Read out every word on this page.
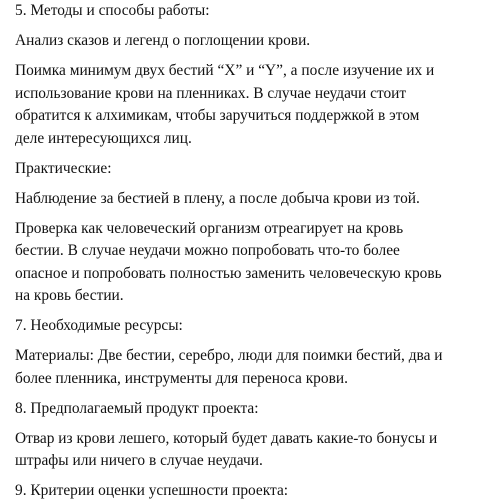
5. Методы и способы работы:

Анализ сказов и легенд о поглощении крови.

Поимка минимум двух бестий “X” и “Y”, а после изучение их и
использование крови на пленниках. В случае неудачи стоит
обратится к алхимикам, чтобы заручиться поддержкой в этом
деле интересующихся лиц.

Практические:

Наблюдение за бестией в плену, а после добыча крови из той.

Проверка как человеческий организм отреагирует на кровь
бестии. В случае неудачи можно попробовать что-то более
опасное и попробовать полностью заменить человеческую кровь
на кровь бестии.

7. Необходимые ресурсы:

Материалы: Две бестии, серебро, люди для поимки бестий, два и
более пленника, инструменты для переноса крови.

8. Предполагаемый продукт проекта:

Отвар из крови лешего, который будет давать какие-то бонусы и
штрафы или ничего в случае неудачи.

9. Критерии оценки успешности проекта:
